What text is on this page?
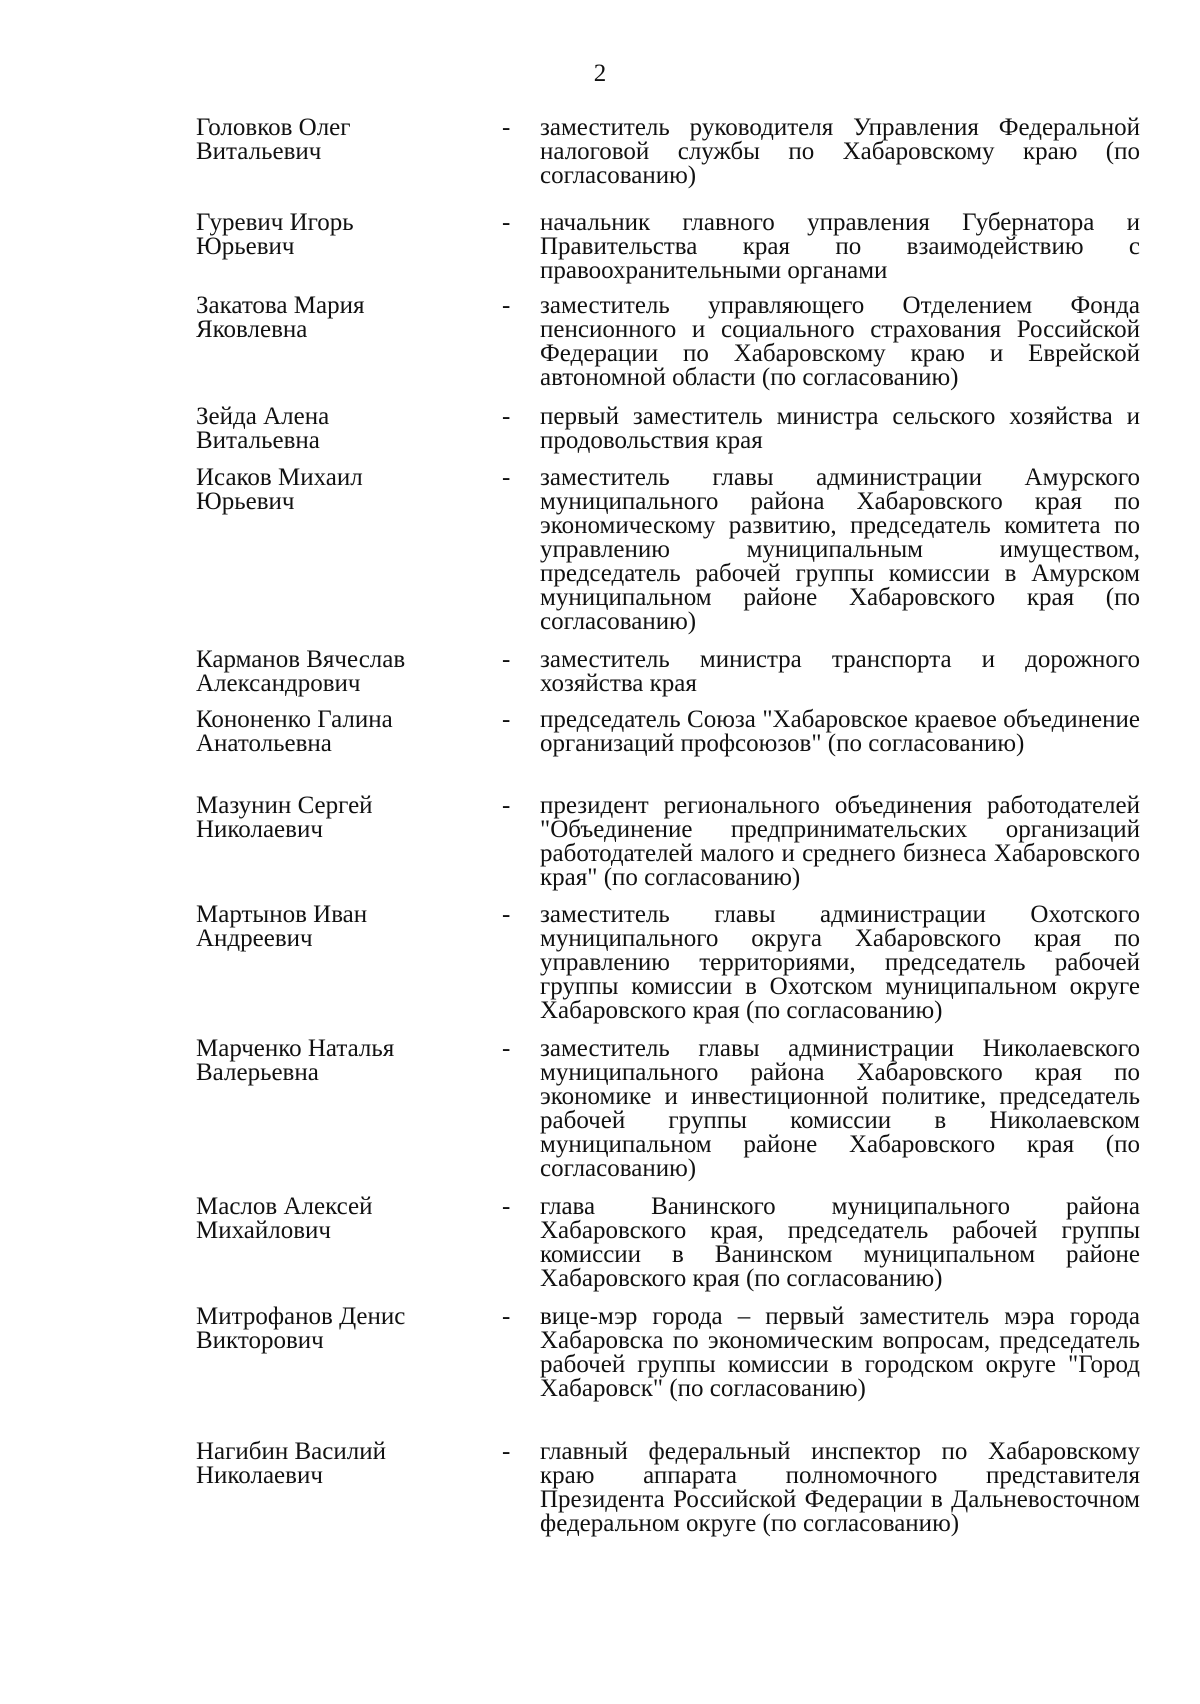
2
Головков Олег
Витальевич
-	заместитель руководителя Управления Федеральной налоговой службы по Хабаровскому краю (по согласованию)
Гуревич Игорь
Юрьевич
-	начальник главного управления Губернатора и Правительства края по взаимодействию с правоохранительными органами
Закатова Мария
Яковлевна
-	заместитель управляющего Отделением Фонда пенсионного и социального страхования Российской Федерации по Хабаровскому краю и Еврейской автономной области (по согласованию)
Зейда Алена
Витальевна
-	первый заместитель министра сельского хозяйства и продовольствия края
Исаков Михаил
Юрьевич
-	заместитель главы администрации Амурского муниципального района Хабаровского края по экономическому развитию, председатель комитета по управлению муниципальным имуществом, председатель рабочей группы комиссии в Амурском муниципальном районе Хабаровского края (по согласованию)
Карманов Вячеслав
Александрович
-	заместитель министра транспорта и дорожного хозяйства края
Кононенко Галина
Анатольевна
-	председатель Союза "Хабаровское краевое объединение организаций профсоюзов" (по согласованию)
Мазунин Сергей
Николаевич
-	президент регионального объединения работодателей "Объединение предпринимательских организаций работодателей малого и среднего бизнеса Хабаровского края" (по согласованию)
Мартынов Иван
Андреевич
-	заместитель главы администрации Охотского муниципального округа Хабаровского края по управлению территориями, председатель рабочей группы комиссии в Охотском муниципальном округе Хабаровского края (по согласованию)
Марченко Наталья
Валерьевна
-	заместитель главы администрации Николаевского муниципального района Хабаровского края по экономике и инвестиционной политике, председатель рабочей группы комиссии в Николаевском муниципальном районе Хабаровского края (по согласованию)
Маслов Алексей
Михайлович
-	глава Ванинского муниципального района Хабаровского края, председатель рабочей группы комиссии в Ванинском муниципальном районе Хабаровского края (по согласованию)
Митрофанов Денис
Викторович
-	вице-мэр города – первый заместитель мэра города Хабаровска по экономическим вопросам, председатель рабочей группы комиссии в городском округе "Город Хабаровск" (по согласованию)
Нагибин Василий
Николаевич
-	главный федеральный инспектор по Хабаровскому краю аппарата полномочного представителя Президента Российской Федерации в Дальневосточном федеральном округе (по согласованию)
